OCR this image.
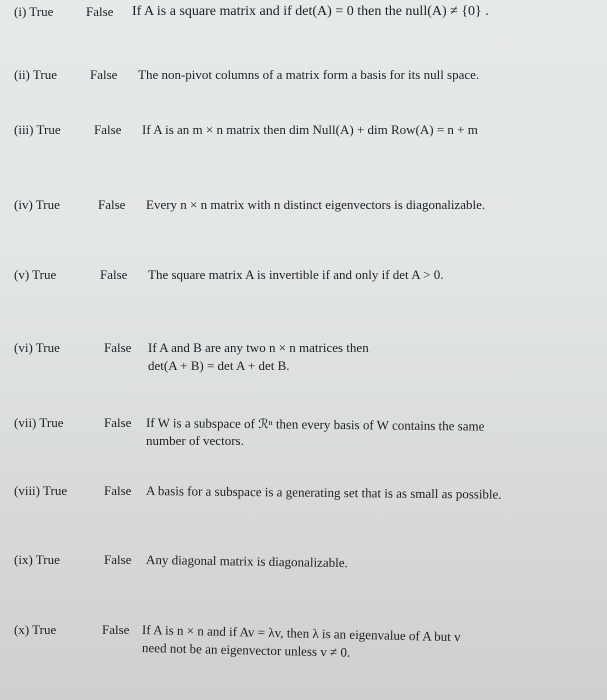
(i) True	False If A is a square matrix and if det(A) = 0 then the null(A) ≠ {0} .
(ii) True	False The non-pivot columns of a matrix form a basis for its null space.
(iii) True	False If A is an m × n matrix then dim Null(A) + dim Row(A) = n + m
(iv) True	False Every n × n matrix with n distinct eigenvectors is diagonalizable.
(v) True	False The square matrix A is invertible if and only if det A > 0.
(vi) True	False If A and B are any two n × n matrices then
det(A + B) = det A + det B.
(vii) True	False If W is a subspace of ℛⁿ then every basis of W contains the same
number of vectors.
(viii) True	False A basis for a subspace is a generating set that is as small as possible.
(ix) True	False Any diagonal matrix is diagonalizable.
(x) True	False If A is n × n and if Av = λv, then λ is an eigenvalue of A but v
need not be an eigenvector unless v ≠ 0.
